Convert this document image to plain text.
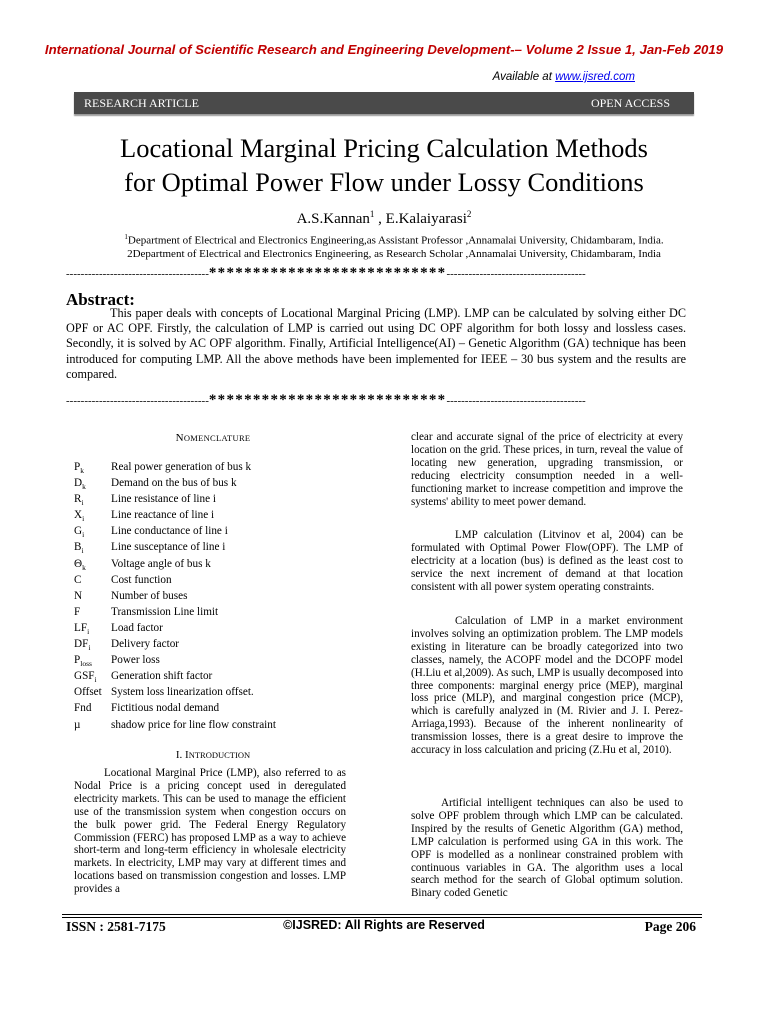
International Journal of Scientific Research and Engineering Development-– Volume 2 Issue 1, Jan-Feb 2019
Available at www.ijsred.com
RESEARCH ARTICLE	OPEN ACCESS
Locational Marginal Pricing Calculation Methods
for Optimal Power Flow under Lossy Conditions
A.S.Kannan$^1$ , E.Kalaiyarasi$^2$
$^1$Department of Electrical and Electronics Engineering,as Assistant Professor ,Annamalai University, Chidambaram, India.
2Department of Electrical and Electronics Engineering, as Research Scholar ,Annamalai University, Chidambaram, India
---------------------------------------***************************--------------------------------------
Abstract:

This paper deals with concepts of Locational Marginal Pricing (LMP). LMP can be calculated by solving either DC OPF or AC OPF. Firstly, the calculation of LMP is carried out using DC OPF algorithm for both lossy and lossless cases. Secondly, it is solved by AC OPF algorithm. Finally, Artificial Intelligence(AI) – Genetic Algorithm (GA) technique has been introduced for computing LMP. All the above methods have been implemented for IEEE – 30 bus system and the results are compared.

---------------------------------------***************************--------------------------------------
NOMENCLATURE
$P_k$ Real power generation of bus k
$D_k$ Demand on the bus of bus k
$R_i$ Line resistance of line i
$X_i$ Line reactance of line i
$G_i$ Line conductance of line i
$B_i$ Line susceptance of line i
$\Theta_k$ Voltage angle of bus k
C	Cost function
N	Number of buses
F	Transmission Line limit
$LF_i$ Load factor
$DF_i$ Delivery factor
$P_{loss}$ Power loss
$GSF_i$ Generation shift factor
Offset System loss linearization offset.
Fnd Fictitious nodal demand
µ	shadow price for line flow constraint
I. INTRODUCTION

Locational Marginal Price (LMP), also referred to as Nodal Price is a pricing concept used in deregulated electricity markets. This can be used to manage the efficient use of the transmission system when congestion occurs on the bulk power grid. The Federal Energy Regulatory Commission (FERC) has proposed LMP as a way to achieve short-term and long-term efficiency in wholesale electricity markets. In electricity, LMP may vary at different times and locations based on transmission congestion and losses. LMP provides a

clear and accurate signal of the price of electricity at every location on the grid. These prices, in turn, reveal the value of locating new generation, upgrading transmission, or reducing electricity consumption needed in a well-functioning market to increase competition and improve the systems' ability to meet power demand.

LMP calculation (Litvinov et al, 2004) can be formulated with Optimal Power Flow(OPF). The LMP of electricity at a location (bus) is defined as the least cost to service the next increment of demand at that location consistent with all power system operating constraints.

Calculation of LMP in a market environment involves solving an optimization problem. The LMP models existing in literature can be broadly categorized into two classes, namely, the ACOPF model and the DCOPF model (H.Liu et al,2009). As such, LMP is usually decomposed into three components: marginal energy price (MEP), marginal loss price (MLP), and marginal congestion price (MCP), which is carefully analyzed in (M. Rivier and J. I. Perez-Arriaga,1993). Because of the inherent nonlinearity of transmission losses, there is a great desire to improve the accuracy in loss calculation and pricing (Z.Hu et al, 2010).

Artificial intelligent techniques can also be used to solve OPF problem through which LMP can be calculated. Inspired by the results of Genetic Algorithm (GA) method, LMP calculation is performed using GA in this work. The OPF is modelled as a nonlinear constrained problem with continuous variables in GA. The algorithm uses a local search method for the search of Global optimum solution. Binary coded Genetic

ISSN : 2581-7175	©IJSRED: All Rights are Reserved	Page 206
